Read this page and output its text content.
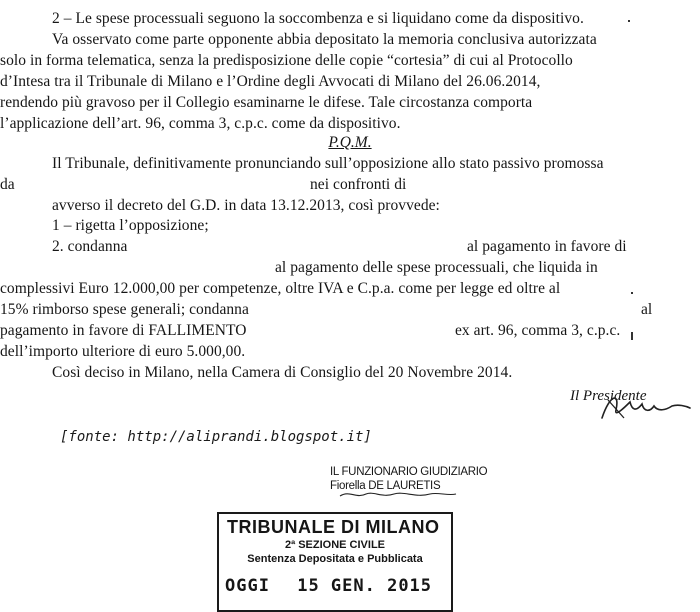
2 – Le spese processuali seguono la soccombenza e si liquidano come da dispositivo.
Va osservato come parte opponente abbia depositato la memoria conclusiva autorizzata
solo in forma telematica, senza la predisposizione delle copie “cortesia” di cui al Protocollo
d’Intesa tra il Tribunale di Milano e l’Ordine degli Avvocati di Milano del 26.06.2014,
rendendo più gravoso per il Collegio esaminarne le difese. Tale circostanza comporta
l’applicazione dell’art. 96, comma 3, c.p.c. come da dispositivo.
P.Q.M.
Il Tribunale, definitivamente pronunciando sull’opposizione allo stato passivo promossa
da	nei confronti di
avverso il decreto del G.D. in data 13.12.2013, così provvede:
1 – rigetta l’opposizione;
2. condanna	al pagamento in favore di
al pagamento delle spese processuali, che liquida in
complessivi Euro 12.000,00 per competenze, oltre IVA e C.p.a. come per legge ed oltre al
15% rimborso spese generali; condanna	al
pagamento in favore di FALLIMENTO	ex art. 96, comma 3, c.p.c.
dell’importo ulteriore di euro 5.000,00.
Così deciso in Milano, nella Camera di Consiglio del 20 Novembre 2014.
Il Presidente
[fonte: http://aliprandi.blogspot.it]
IL FUNZIONARIO GIUDIZIARIO
Fiorella DE LAURETIS
TRIBUNALE DI MILANO
2ª SEZIONE CIVILE
Sentenza Depositata e Pubblicata
OGGI 15 GEN. 2015
